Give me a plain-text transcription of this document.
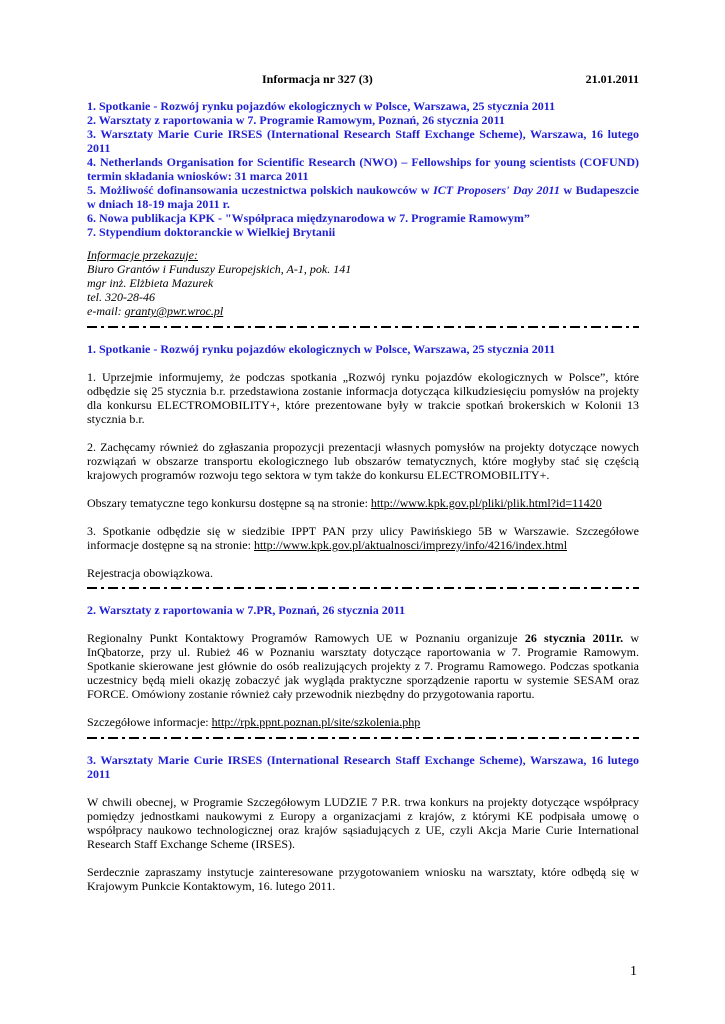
Informacja nr 327 (3)	21.01.2011
1. Spotkanie - Rozwój rynku pojazdów ekologicznych w Polsce, Warszawa, 25 stycznia 2011
2. Warsztaty z raportowania w 7. Programie Ramowym, Poznań, 26 stycznia 2011
3. Warsztaty Marie Curie IRSES (International Research Staff Exchange Scheme), Warszawa, 16 lutego 2011
4. Netherlands Organisation for Scientific Research (NWO) – Fellowships for young scientists (COFUND) termin składania wniosków: 31 marca 2011
5. Możliwość dofinansowania uczestnictwa polskich naukowców w ICT Proposers' Day 2011 w Budapeszcie w dniach 18-19 maja 2011 r.
6. Nowa publikacja KPK - "Współpraca międzynarodowa w 7. Programie Ramowym”
7. Stypendium doktoranckie w Wielkiej Brytanii
Informacje przekazuje:
Biuro Grantów i Funduszy Europejskich, A-1, pok. 141
mgr inż. Elżbieta Mazurek
tel. 320-28-46
e-mail: granty@pwr.wroc.pl
1. Spotkanie - Rozwój rynku pojazdów ekologicznych w Polsce, Warszawa, 25 stycznia 2011

1. Uprzejmie informujemy, że podczas spotkania „Rozwój rynku pojazdów ekologicznych w Polsce”, które odbędzie się 25 stycznia b.r. przedstawiona zostanie informacja dotycząca kilkudziesięciu pomysłów na projekty dla konkursu ELECTROMOBILITY+, które prezentowane były w trakcie spotkań brokerskich w Kolonii 13 stycznia b.r.

2. Zachęcamy również do zgłaszania propozycji prezentacji własnych pomysłów na projekty dotyczące nowych rozwiązań w obszarze transportu ekologicznego lub obszarów tematycznych, które mogłyby stać się częścią krajowych programów rozwoju tego sektora w tym także do konkursu ELECTROMOBILITY+.

Obszary tematyczne tego konkursu dostępne są na stronie: http://www.kpk.gov.pl/pliki/plik.html?id=11420

3. Spotkanie odbędzie się w siedzibie IPPT PAN przy ulicy Pawińskiego 5B w Warszawie. Szczegółowe informacje dostępne są na stronie: http://www.kpk.gov.pl/aktualnosci/imprezy/info/4216/index.html

Rejestracja obowiązkowa.

2. Warsztaty z raportowania w 7.PR, Poznań, 26 stycznia 2011

Regionalny Punkt Kontaktowy Programów Ramowych UE w Poznaniu organizuje 26 stycznia 2011r. w InQbatorze, przy ul. Rubież 46 w Poznaniu warsztaty dotyczące raportowania w 7. Programie Ramowym. Spotkanie skierowane jest głównie do osób realizujących projekty z 7. Programu Ramowego. Podczas spotkania uczestnicy będą mieli okazję zobaczyć jak wygląda praktyczne sporządzenie raportu w systemie SESAM oraz FORCE. Omówiony zostanie również cały przewodnik niezbędny do przygotowania raportu.

Szczegółowe informacje: http://rpk.ppnt.poznan.pl/site/szkolenia.php

3. Warsztaty Marie Curie IRSES (International Research Staff Exchange Scheme), Warszawa, 16 lutego 2011

W chwili obecnej, w Programie Szczegółowym LUDZIE 7 P.R. trwa konkurs na projekty dotyczące współpracy pomiędzy jednostkami naukowymi z Europy a organizacjami z krajów, z którymi KE podpisała umowę o współpracy naukowo technologicznej oraz krajów sąsiadujących z UE, czyli Akcja Marie Curie International Research Staff Exchange Scheme (IRSES).

Serdecznie zapraszamy instytucje zainteresowane przygotowaniem wniosku na warsztaty, które odbędą się w Krajowym Punkcie Kontaktowym, 16. lutego 2011.

1
